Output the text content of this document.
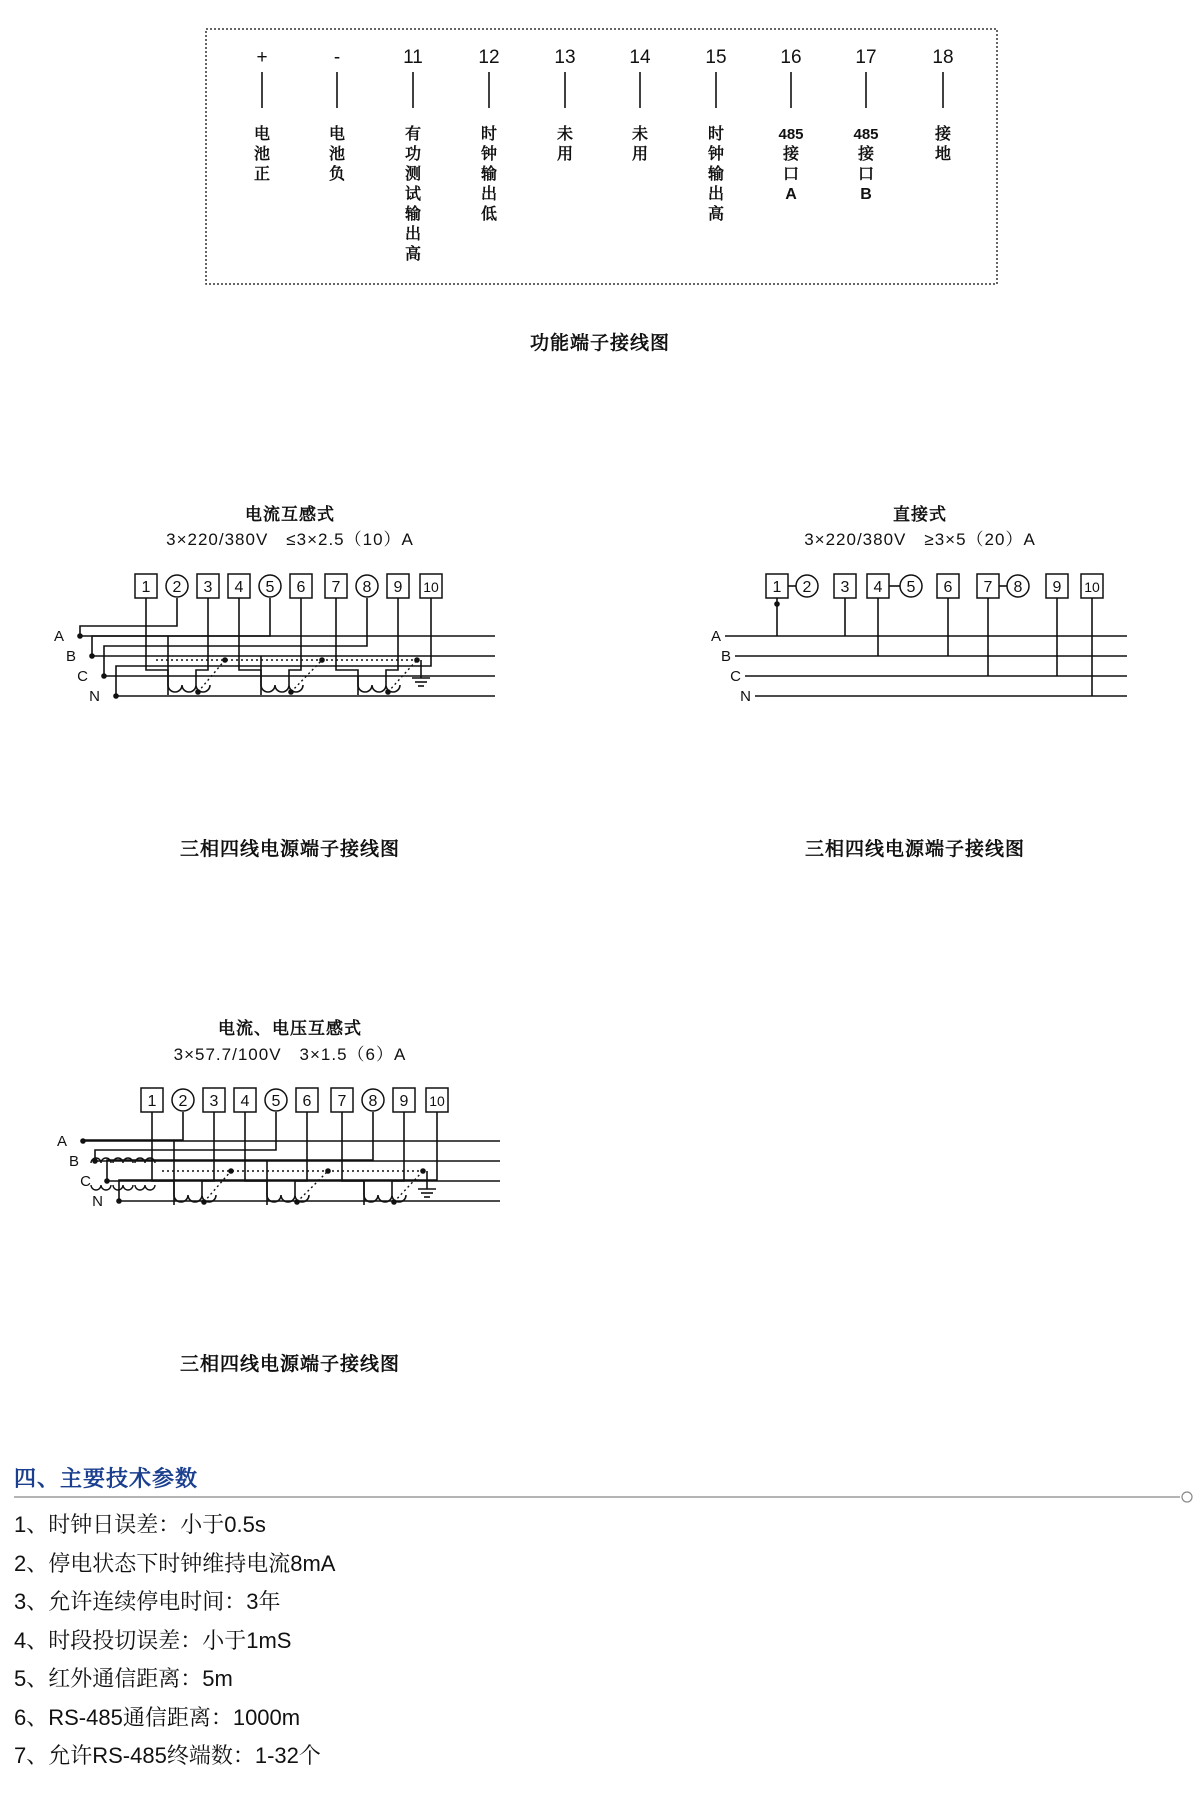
+
电
池
正
-
电
池
负
11
有
功
测
试
输
出
高
12
时
钟
输
出
低
13
未
用
14
未
用
15
时
钟
输
出
高
16
485
接
口
A
17
485
接
口
B
18
接
地
功能端子接线图
A
B
C
N
1 2 3 4 5 6 7 8 9 10
电流互感式
3×220/380V　≤3×2.5（10）A
三相四线电源端子接线图
A
B
C
N
1 2 3 4 5 6 7 8 9 10
直接式
3×220/380V　≥3×5（20）A
三相四线电源端子接线图
A
B
C
N
1 2 3 4 5 6 7 8 9 10
电流、电压互感式
3×57.7/100V　3×1.5（6）A
三相四线电源端子接线图
四、主要技术参数
1、时钟日误差：小于0.5s
2、停电状态下时钟维持电流8mA
3、允许连续停电时间：3年
4、时段投切误差：小于1mS
5、红外通信距离：5m
6、RS-485通信距离：1000m
7、允许RS-485终端数：1-32个
